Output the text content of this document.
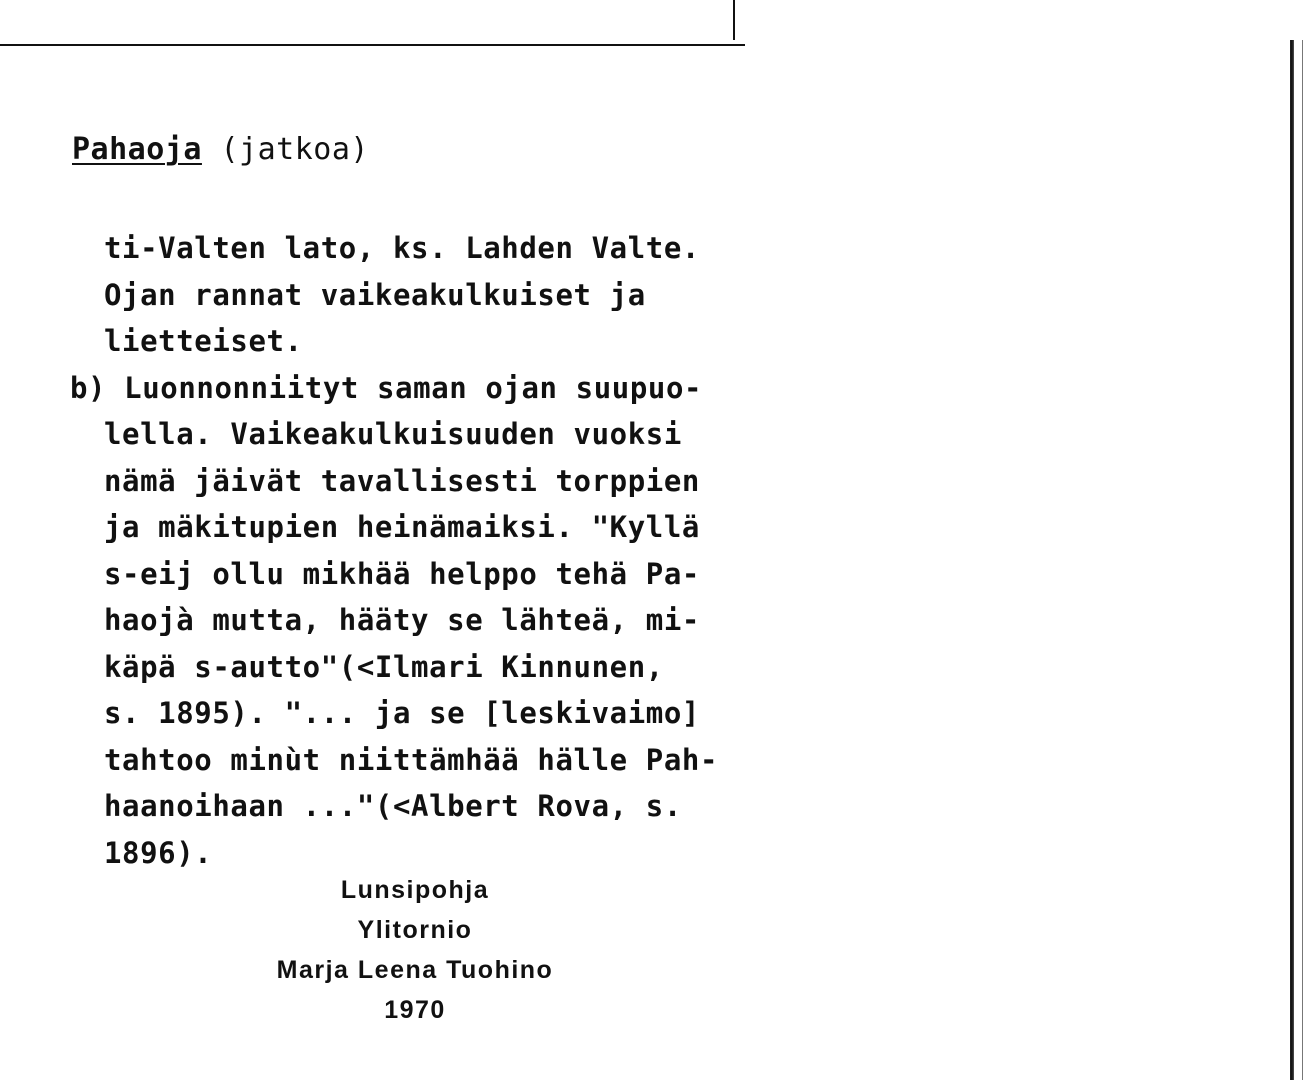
Pahaoja (jatkoa)
ti-Valten lato, ks. Lahden Valte.
Ojan rannat vaikeakulkuiset ja
lietteiset.
b) Luonnonniityt saman ojan suupuo-
lella. Vaikeakulkuisuuden vuoksi
nämä jäivät tavallisesti torppien
ja mäkitupien heinämaiksi. "Kyllä
s-eij ollu mikhää helppo tehä Pa-
haojà mutta, hääty se lähteä, mi-
käpä s-autto"(<Ilmari Kinnunen,
s. 1895). "... ja se [leskivaimo]
tahtoo minùt niittämhää hälle Pah-
haanoihaan ..."(<Albert Rova, s.
1896).
Lunsipohja
Ylitornio
Marja Leena Tuohino
1970
